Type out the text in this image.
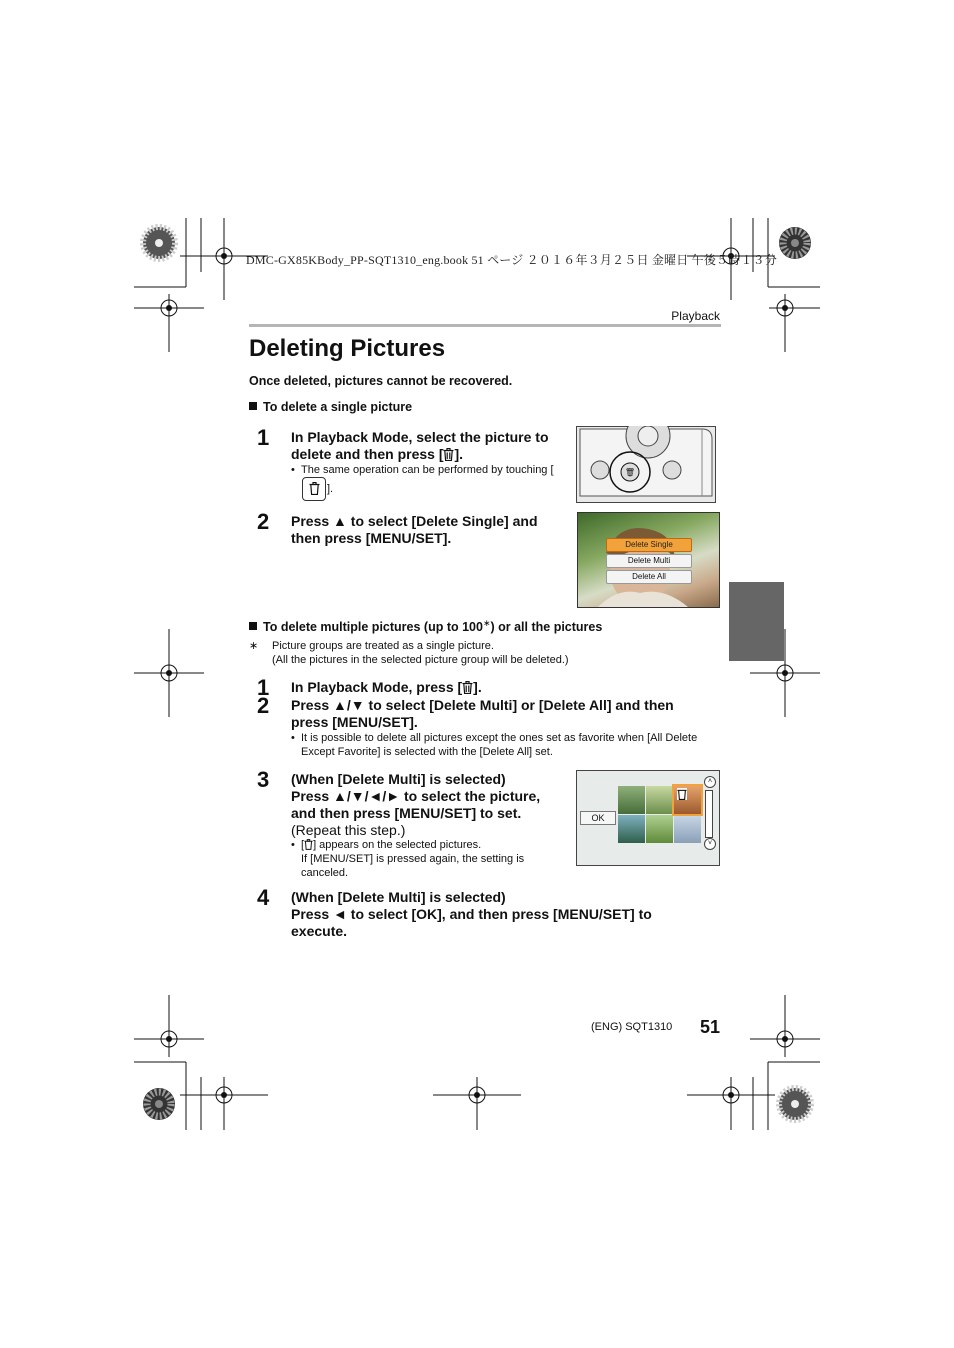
DMC-GX85KBody_PP-SQT1310_eng.book 51 ページ ２０１６年３月２５日 金曜日 午後５時１３分
Playback
Deleting Pictures
Once deleted, pictures cannot be recovered.
To delete a single picture
1 In Playback Mode, select the picture to delete and then press [ ].
• The same operation can be performed by touching [].
🗑
2 Press ▲ to select [Delete Single] and then press [MENU/SET].	Delete Single
Delete Multi
Delete All
To delete multiple pictures (up to 100∗) or all the pictures
∗ Picture groups are treated as a single picture.
(All the pictures in the selected picture group will be deleted.)
1 In Playback Mode, press [ ].
2 Press ▲/▼ to select [Delete Multi] or [Delete All] and then press [MENU/SET].
• It is possible to delete all pictures except the ones set as favorite when [All Delete Except Favorite] is selected with the [Delete All] set.
3 (When [Delete Multi] is selected)
Press ▲/▼/◄/► to select the picture, and then press [MENU/SET] to set.
(Repeat this step.)
• [ ] appears on the selected pictures.
If [MENU/SET] is pressed again, the setting is canceled.
OK
˄
˅
4 (When [Delete Multi] is selected)
Press ◄ to select [OK], and then press [MENU/SET] to execute.
(ENG) SQT1310 51
